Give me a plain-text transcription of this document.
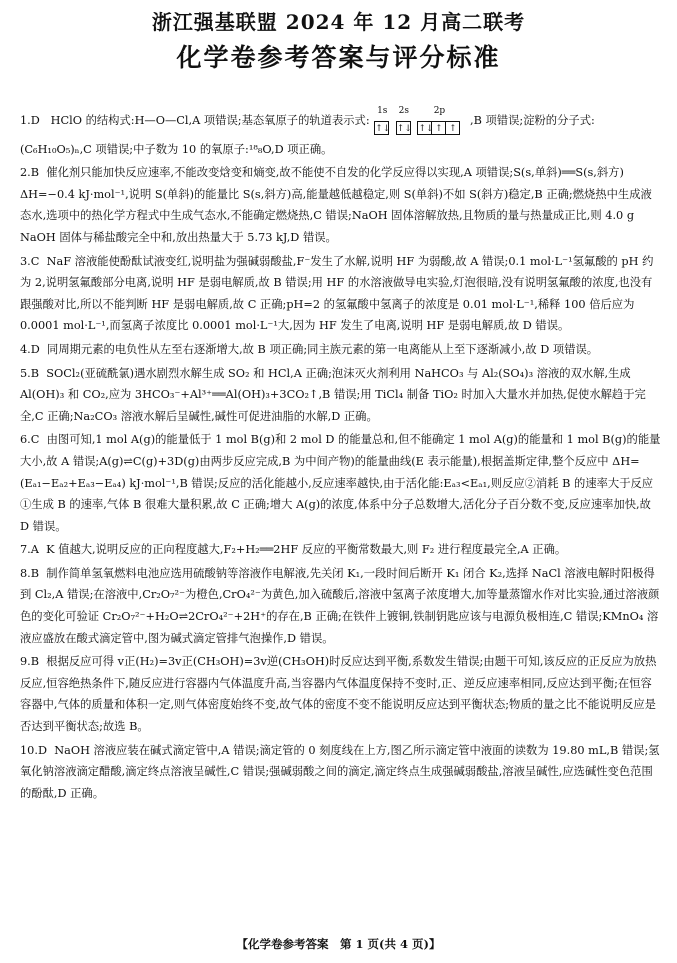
浙江强基联盟 2024 年 12 月高二联考
化学卷参考答案与评分标准
1.D HClO 的结构式:H—O—Cl,A 项错误;基态氧原子的轨道表示式:
1s
↑↓

2s
↑↓

2p
↑↓ ↑ ↑
,B 项错误;淀粉的分子式:(C₆H₁₀O₅)ₙ,C 项错误;中子数为 10 的氧原子:¹⁸₈O,D 项正确。
2.B 催化剂只能加快反应速率,不能改变焓变和熵变,故不能使不自发的化学反应得以实现,A 项错误;S(s,单斜)══S(s,斜方) ΔH=−0.4 kJ·mol⁻¹,说明 S(单斜)的能量比 S(s,斜方)高,能量越低越稳定,则 S(单斜)不如 S(斜方)稳定,B 正确;燃烧热中生成液态水,选项中的热化学方程式中生成气态水,不能确定燃烧热,C 错误;NaOH 固体溶解放热,且物质的量与热量成正比,则 4.0 g NaOH 固体与稀盐酸完全中和,放出热量大于 5.73 kJ,D 错误。
3.C NaF 溶液能使酚酞试液变红,说明盐为强碱弱酸盐,F⁻发生了水解,说明 HF 为弱酸,故 A 错误;0.1 mol·L⁻¹氢氟酸的 pH 约为 2,说明氢氟酸部分电离,说明 HF 是弱电解质,故 B 错误;用 HF 的水溶液做导电实验,灯泡很暗,没有说明氢氟酸的浓度,也没有跟强酸对比,所以不能判断 HF 是弱电解质,故 C 正确;pH=2 的氢氟酸中氢离子的浓度是 0.01 mol·L⁻¹,稀释 100 倍后应为 0.0001 mol·L⁻¹,而氢离子浓度比 0.0001 mol·L⁻¹大,因为 HF 发生了电离,说明 HF 是弱电解质,故 D 错误。
4.D 同周期元素的电负性从左至右逐渐增大,故 B 项正确;同主族元素的第一电离能从上至下逐渐减小,故 D 项错误。
5.B SOCl₂(亚硫酰氯)遇水剧烈水解生成 SO₂ 和 HCl,A 正确;泡沫灭火剂利用 NaHCO₃ 与 Al₂(SO₄)₃ 溶液的双水解,生成 Al(OH)₃ 和 CO₂,应为 3HCO₃⁻+Al³⁺══Al(OH)₃+3CO₂↑,B 错误;用 TiCl₄ 制备 TiO₂ 时加入大量水并加热,促使水解趋于完全,C 正确;Na₂CO₃ 溶液水解后呈碱性,碱性可促进油脂的水解,D 正确。
6.C 由图可知,1 mol A(g)的能量低于 1 mol B(g)和 2 mol D 的能量总和,但不能确定 1 mol A(g)的能量和 1 mol B(g)的能量大小,故 A 错误;A(g)⇌C(g)+3D(g)由两步反应完成,B 为中间产物)的能量曲线(E 表示能量),根据盖斯定律,整个反应中 ΔH=(Eₐ₁−Eₐ₂+Eₐ₃−Eₐ₄) kJ·mol⁻¹,B 错误;反应的活化能越小,反应速率越快,由于活化能:Eₐ₃<Eₐ₁,则反应②消耗 B 的速率大于反应①生成 B 的速率,气体 B 很难大量积累,故 C 正确;增大 A(g)的浓度,体系中分子总数增大,活化分子百分数不变,反应速率加快,故 D 错误。
7.A K 值越大,说明反应的正向程度越大,F₂+H₂══2HF 反应的平衡常数最大,则 F₂ 进行程度最完全,A 正确。
8.B 制作简单氢氧燃料电池应选用硫酸钠等溶液作电解液,先关闭 K₁,一段时间后断开 K₁ 闭合 K₂,选择 NaCl 溶液电解时阳极得到 Cl₂,A 错误;在溶液中,Cr₂O₇²⁻为橙色,CrO₄²⁻为黄色,加入硫酸后,溶液中氢离子浓度增大,加等量蒸馏水作对比实验,通过溶液颜色的变化可验证 Cr₂O₇²⁻+H₂O⇌2CrO₄²⁻+2H⁺的存在,B 正确;在铁件上镀铜,铁制钥匙应该与电源负极相连,C 错误;KMnO₄ 溶液应盛放在酸式滴定管中,图为碱式滴定管排气泡操作,D 错误。
9.B 根据反应可得 v正(H₂)=3v正(CH₃OH)=3v逆(CH₃OH)时反应达到平衡,系数发生错误;由题干可知,该反应的正反应为放热反应,恒容绝热条件下,随反应进行容器内气体温度升高,当容器内气体温度保持不变时,正、逆反应速率相同,反应达到平衡;在恒容容器中,气体的质量和体积一定,则气体密度始终不变,故气体的密度不变不能说明反应达到平衡状态;物质的量之比不能说明反应是否达到平衡状态;故选 B。
10.D NaOH 溶液应装在碱式滴定管中,A 错误;滴定管的 0 刻度线在上方,图乙所示滴定管中液面的读数为 19.80 mL,B 错误;氢氧化钠溶液滴定醋酸,滴定终点溶液呈碱性,C 错误;强碱弱酸之间的滴定,滴定终点生成强碱弱酸盐,溶液呈碱性,应选碱性变色范围的酚酞,D 正确。
【化学卷参考答案　第 1 页(共 4 页)】
